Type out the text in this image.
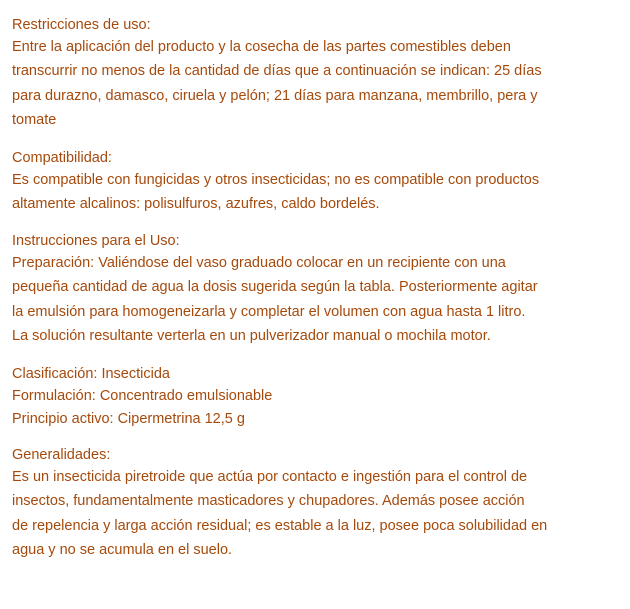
Restricciones de uso:
Entre la aplicación del producto y la cosecha de las partes comestibles deben
transcurrir no menos de la cantidad de días que a continuación se indican: 25 días
para durazno, damasco, ciruela y pelón; 21 días para manzana, membrillo, pera y
tomate
Compatibilidad:
Es compatible con fungicidas y otros insecticidas; no es compatible con productos
altamente alcalinos: polisulfuros, azufres, caldo bordelés.
Instrucciones para el Uso:
Preparación: Valiéndose del vaso graduado colocar en un recipiente con una
pequeña cantidad de agua la dosis sugerida según la tabla. Posteriormente agitar
la emulsión para homogeneizarla y completar el volumen con agua hasta 1 litro.
La solución resultante verterla en un pulverizador manual o mochila motor.
Clasificación: Insecticida
Formulación: Concentrado emulsionable
Principio activo: Cipermetrina 12,5 g
Generalidades:
Es un insecticida piretroide que actúa por contacto e ingestión para el control de
insectos, fundamentalmente masticadores y chupadores. Además posee acción
de repelencia y larga acción residual; es estable a la luz, posee poca solubilidad en
agua y no se acumula en el suelo.
